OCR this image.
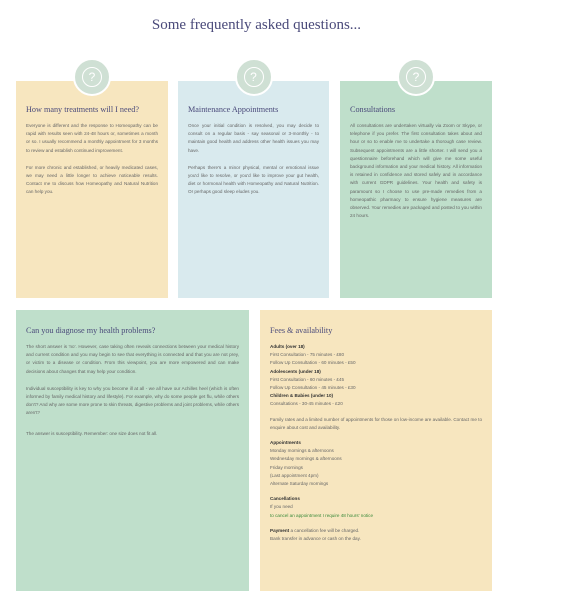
Some frequently asked questions...
?
How many treatments will I need?

Everyone is different and the response to Homeopathy can be rapid with results seen with 24-48 hours or, sometimes a month or so. I usually recommend a monthly appointment for 3 months to review and establish continued improvement.

For more chronic and established, or heavily medicated cases, we may need a little longer to achieve noticeable results. Contact me to discuss how Homeopathy and Natural Nutrition can help you.

?
Maintenance Appointments

Once your initial condition is resolved, you may decide to consult on a regular basis - say seasonal or 3-monthly - to maintain good health and address other health issues you may have.

Perhaps there's a minor physical, mental or emotional issue you'd like to resolve, or you'd like to improve your gut health, diet or hormonal health with Homeopathy and Natural Nutrition. Or perhaps good sleep eludes you.

?
Consultations

All consultations are undertaken virtually via Zoom or Skype, or telephone if you prefer. The first consultation takes about and hour or so to enable me to undertake a thorough case review. Subsequent appointments are a little shorter. I will send you a questionnaire beforehand which will give me some useful background information and your medical history. All information is retained in confidence and stored safely and in accordance with current GDPR guidelines. Your health and safety is paramount so I choose to use pre-made remedies from a homeopathic pharmacy to ensure hygiene measures are observed. Your remedies are packaged and posted to you within 24 hours.

Can you diagnose my health problems?

The short answer is 'no'. However, case taking often reveals connections between your medical history and current condition and you may begin to see that everything is connected and that you are not prey, or victim to a disease or condition. From this viewpoint, you are more empowered and can make decisions about changes that may help your condition.

Individual susceptibility is key to why you become ill at all - we all have our Achilles heel (which is often informed by family medical history and lifestyle). For example, why do some people get flu, while others don't? And why are some more prone to skin threats, digestive problems and joint problems, while others aren't?

The answer is susceptibility. Remember: one size does not fit all.

Fees & availability

Adults (over 18)

First Consultation - 75 minutes - £80

Follow Up Consultation - 60 minutes - £50

Adolescents (under 18)

First Consultation - 60 minutes - £45

Follow Up Consultation - 45 minutes - £30

Children & Babies (under 10)

Consultations - 30-45 minutes - £20

Family rates and a limited number of appointments for those on low-income are available. Contact me to enquire about cost and availability.

Appointments

Monday mornings & afternoons

Wednesday mornings & afternoons

Friday mornings

(Last appointment 4pm)

Alternate Saturday mornings

Cancellations

If you need

to cancel an appointment I require 48 hours' notice

Payment a cancellation fee will be charged.

Bank transfer in advance or cash on the day.
